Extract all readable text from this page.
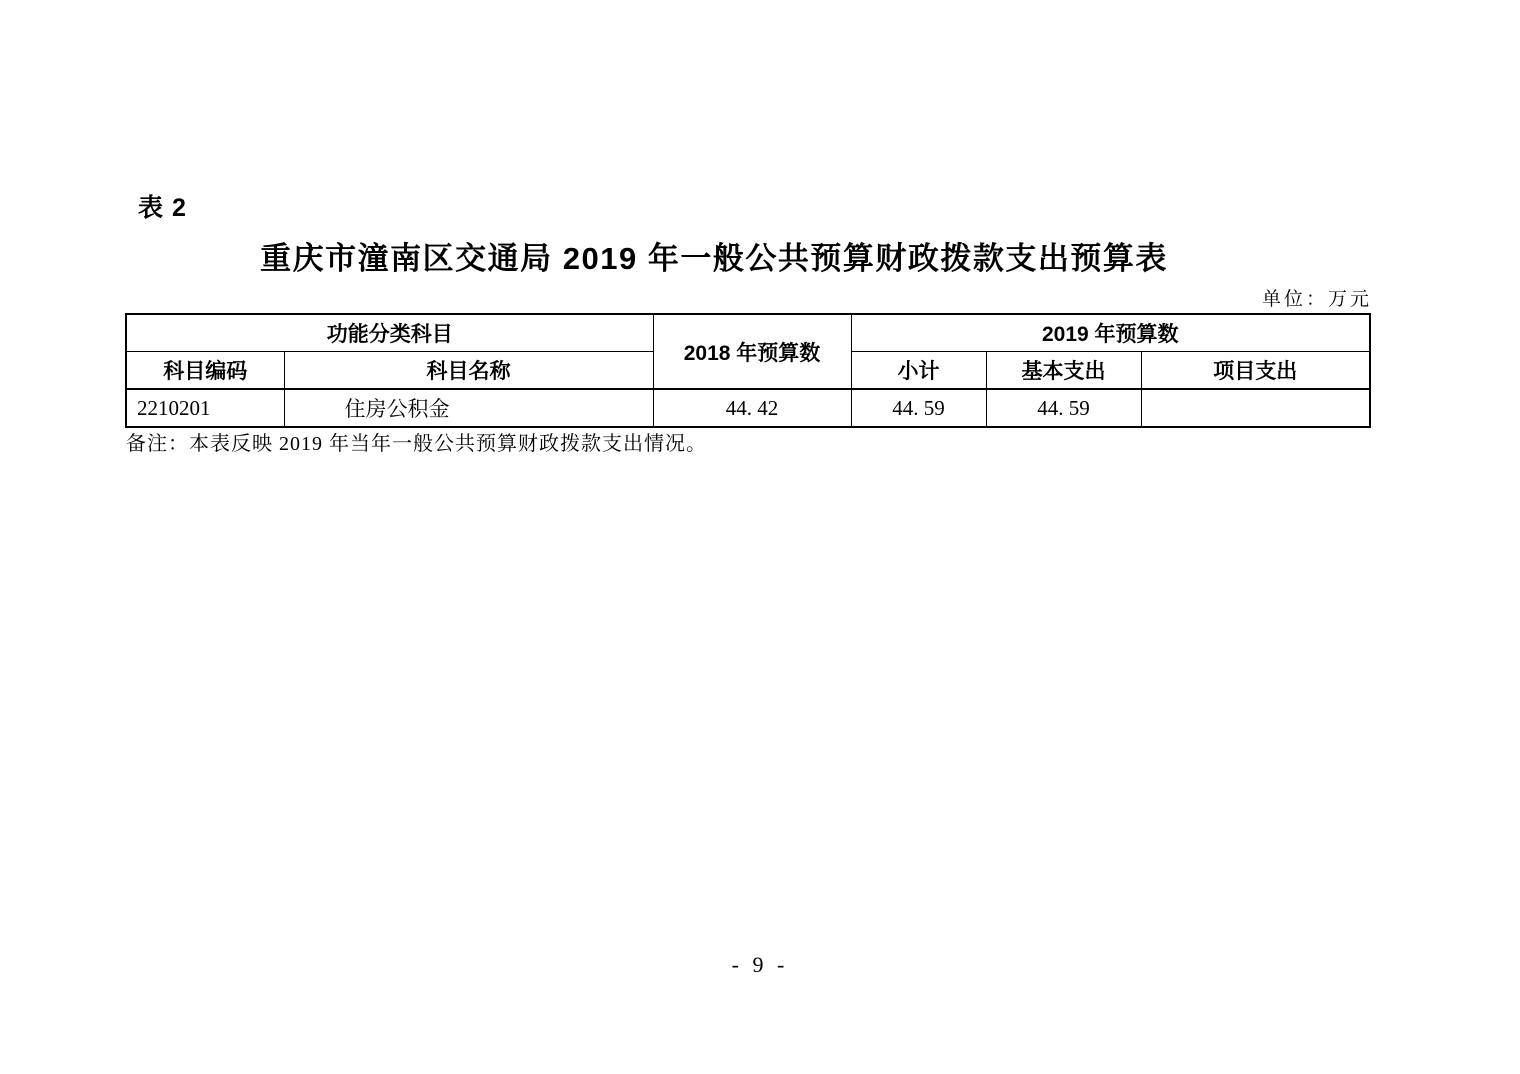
表 2
重庆市潼南区交通局 2019 年一般公共预算财政拨款支出预算表
单位：万元
功能分类科目		2018 年预算数	2019 年预算数		
科目编码	科目名称		小计	基本支出	项目支出
2210201	住房公积金	44. 42	44. 59	44. 59	
备注：本表反映 2019 年当年一般公共预算财政拨款支出情况。
- 9 -
